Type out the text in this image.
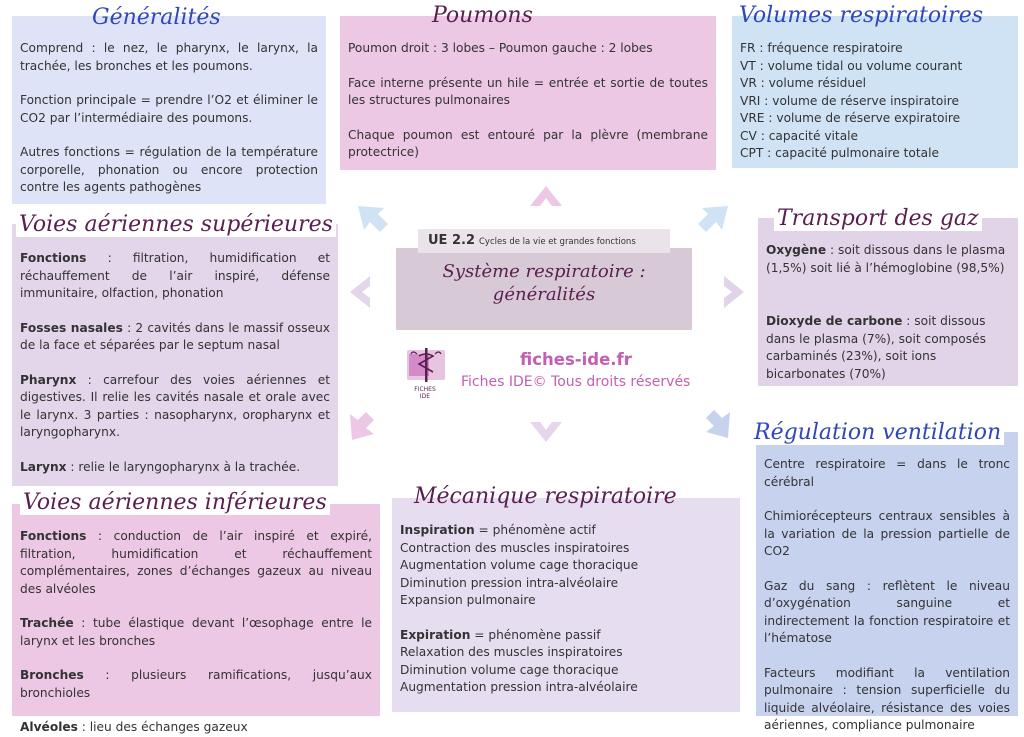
Généralités

Comprend : le nez, le pharynx, le larynx, la trachée, les bronches et les poumons.

Fonction principale = prendre l’O2 et éliminer le CO2 par l’intermédiaire des poumons.

Autres fonctions = régulation de la température corporelle, phonation ou encore protection contre les agents pathogènes

Poumons

Poumon droit : 3 lobes – Poumon gauche : 2 lobes

Face interne présente un hile = entrée et sortie de toutes les structures pulmonaires

Chaque poumon est entouré par la plèvre (membrane protectrice)

Volumes respiratoires
FR : fréquence respiratoire
VT : volume tidal ou volume courant
VR : volume résiduel
VRI : volume de réserve inspiratoire
VRE : volume de réserve expiratoire
CV : capacité vitale
CPT : capacité pulmonaire totale
Voies aériennes supérieures

Fonctions : filtration, humidification et réchauffement de l’air inspiré, défense immunitaire, olfaction, phonation

Fosses nasales : 2 cavités dans le massif osseux de la face et séparées par le septum nasal

Pharynx : carrefour des voies aériennes et digestives. Il relie les cavités nasale et orale avec le larynx. 3 parties : nasopharynx, oropharynx et laryngopharynx.

Larynx : relie le laryngopharynx à la trachée.

UE 2.2 Cycles de la vie et grandes fonctions
Système respiratoire :
généralités
FICHES
IDE
fiches-ide.fr
Fiches IDE© Tous droits réservés
Transport des gaz

Oxygène : soit dissous dans le plasma (1,5%) soit lié à l’hémoglobine (98,5%)

Dioxyde de carbone : soit dissous dans le plasma (7%), soit composés carbaminés (23%), soit ions bicarbonates (70%)

Régulation ventilation

Centre respiratoire = dans le tronc cérébral

Chimiorécepteurs centraux sensibles à la variation de la pression partielle de CO2

Gaz du sang : reflètent le niveau d’oxygénation sanguine et indirectement la fonction respiratoire et l’hématose

Facteurs modifiant la ventilation pulmonaire : tension superficielle du liquide alvéolaire, résistance des voies aériennes, compliance pulmonaire

Voies aériennes inférieures

Fonctions : conduction de l’air inspiré et expiré, filtration, humidification et réchauffement complémentaires, zones d’échanges gazeux au niveau des alvéoles

Trachée : tube élastique devant l’œsophage entre le larynx et les bronches

Bronches : plusieurs ramifications, jusqu’aux bronchioles

Alvéoles : lieu des échanges gazeux

Mécanique respiratoire
Inspiration = phénomène actif
Contraction des muscles inspiratoires
Augmentation volume cage thoracique
Diminution pression intra-alvéolaire
Expansion pulmonaire
Expiration = phénomène passif
Relaxation des muscles inspiratoires
Diminution volume cage thoracique
Augmentation pression intra-alvéolaire
